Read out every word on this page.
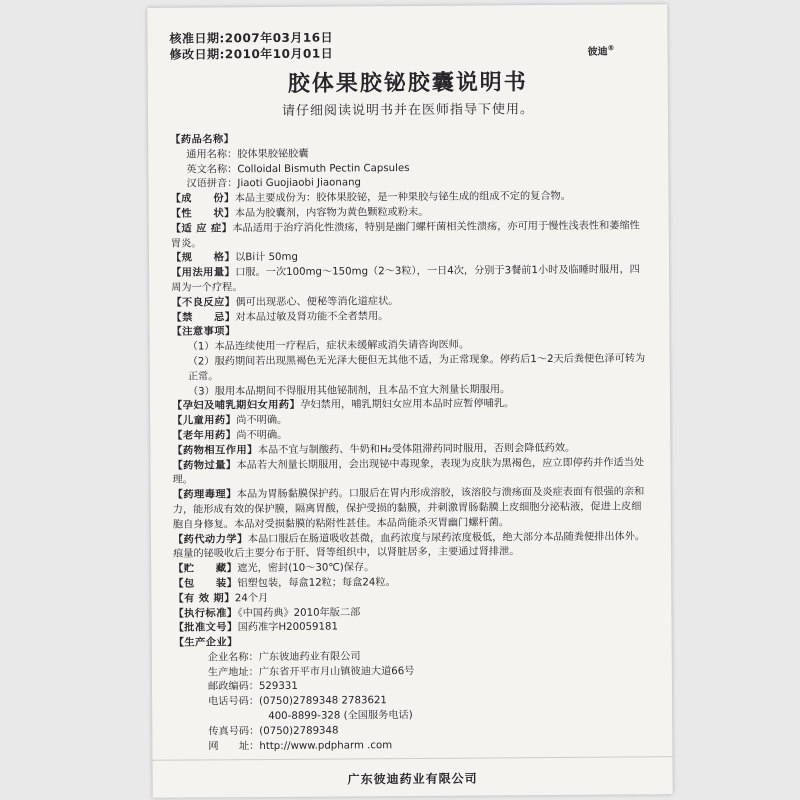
核准日期:2007年03月16日
修改日期:2010年10月01日	彼迪®
胶体果胶铋胶囊说明书
请仔细阅读说明书并在医师指导下使用。

【药品名称】

通用名称：胶体果胶铋胶囊

英文名称：Colloidal Bismuth Pectin Capsules

汉语拼音：Jiaoti Guojiaobi Jiaonang

【成　　份】本品主要成份为：胶体果胶铋，是一种果胶与铋生成的组成不定的复合物。

【性　　状】本品为胶囊剂，内容物为黄色颗粒或粉末。

【适 应 症】本品适用于治疗消化性溃疡，特别是幽门螺杆菌相关性溃疡，亦可用于慢性浅表性和萎缩性胃炎。

【规　　格】以Bi计 50mg

【用法用量】口服。一次100mg～150mg（2～3粒），一日4次，分别于3餐前1小时及临睡时服用，四周为一个疗程。

【不良反应】偶可出现恶心、便秘等消化道症状。

【禁　　忌】对本品过敏及肾功能不全者禁用。

【注意事项】

（1）本品连续使用一疗程后，症状未缓解或消失请咨询医师。

（2）服药期间若出现黑褐色无光泽大便但无其他不适，为正常现象。停药后1～2天后粪便色泽可转为正常。

（3）服用本品期间不得服用其他铋制剂，且本品不宜大剂量长期服用。

【孕妇及哺乳期妇女用药】孕妇禁用，哺乳期妇女应用本品时应暂停哺乳。

【儿童用药】尚不明确。

【老年用药】尚不明确。

【药物相互作用】本品不宜与制酸药、牛奶和H₂受体阻滞药同时服用，否则会降低药效。

【药物过量】本品若大剂量长期服用，会出现铋中毒现象，表现为皮肤为黑褐色，应立即停药并作适当处理。

【药理毒理】本品为胃肠黏膜保护药。口服后在胃内形成溶胶，该溶胶与溃疡面及炎症表面有很强的亲和力，能形成有效的保护膜，隔离胃酸，保护受损的黏膜，并刺激胃肠黏膜上皮细胞分泌粘液，促进上皮细胞自身修复。本品对受损黏膜的粘附性甚佳。本品尚能杀灭胃幽门螺杆菌。

【药代动力学】本品口服后在肠道吸收甚微，血药浓度与尿药浓度极低，绝大部分本品随粪便排出体外。痕量的铋吸收后主要分布于肝、肾等组织中，以肾脏居多，主要通过肾排泄。

【贮　　藏】遮光，密封(10～30℃)保存。

【包　　装】铝塑包装，每盒12粒；每盒24粒。

【有 效 期】24个月

【执行标准】《中国药典》2010年版二部

【批准文号】国药准字H20059181

【生产企业】

企业名称：广东彼迪药业有限公司

生产地址：广东省开平市月山镇彼迪大道66号

邮政编码：529331

电话号码：(0750)2789348 2783621

400-8899-328 (全国服务电话)

传真号码：(0750)2789348

网　　址：http://www.pdpharm .com

广东彼迪药业有限公司
